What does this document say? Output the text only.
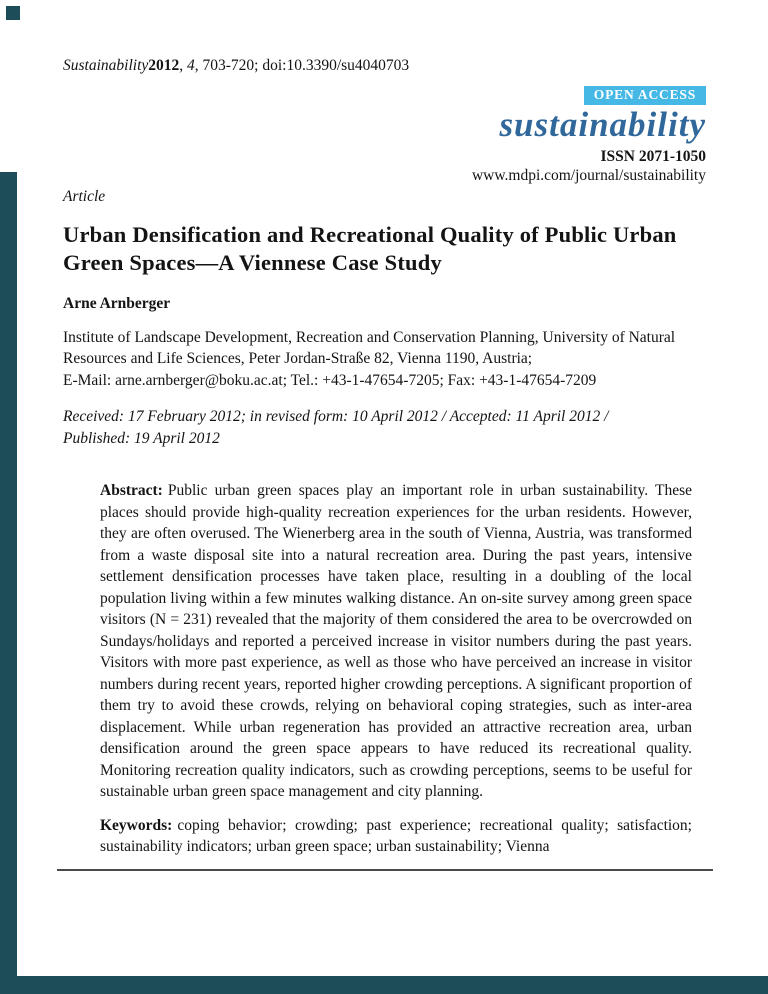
Sustainability2012, 4, 703-720; doi:10.3390/su4040703
OPEN ACCESS
sustainability
ISSN 2071-1050
www.mdpi.com/journal/sustainability
Article
Urban Densification and Recreational Quality of Public Urban
Green Spaces—A Viennese Case Study
Arne Arnberger
Institute of Landscape Development, Recreation and Conservation Planning, University of Natural
Resources and Life Sciences, Peter Jordan-Straße 82, Vienna 1190, Austria;
E-Mail: arne.arnberger@boku.ac.at; Tel.: +43-1-47654-7205; Fax: +43-1-47654-7209
Received: 17 February 2012; in revised form: 10 April 2012 / Accepted: 11 April 2012 /
Published: 19 April 2012
Abstract: Public urban green spaces play an important role in urban sustainability. These places should provide high-quality recreation experiences for the urban residents. However, they are often overused. The Wienerberg area in the south of Vienna, Austria, was transformed from a waste disposal site into a natural recreation area. During the past years, intensive settlement densification processes have taken place, resulting in a doubling of the local population living within a few minutes walking distance. An on-site survey among green space visitors (N = 231) revealed that the majority of them considered the area to be overcrowded on Sundays/holidays and reported a perceived increase in visitor numbers during the past years. Visitors with more past experience, as well as those who have perceived an increase in visitor numbers during recent years, reported higher crowding perceptions. A significant proportion of them try to avoid these crowds, relying on behavioral coping strategies, such as inter-area displacement. While urban regeneration has provided an attractive recreation area, urban densification around the green space appears to have reduced its recreational quality. Monitoring recreation quality indicators, such as crowding perceptions, seems to be useful for sustainable urban green space management and city planning.
Keywords: coping behavior; crowding; past experience; recreational quality; satisfaction; sustainability indicators; urban green space; urban sustainability; Vienna
